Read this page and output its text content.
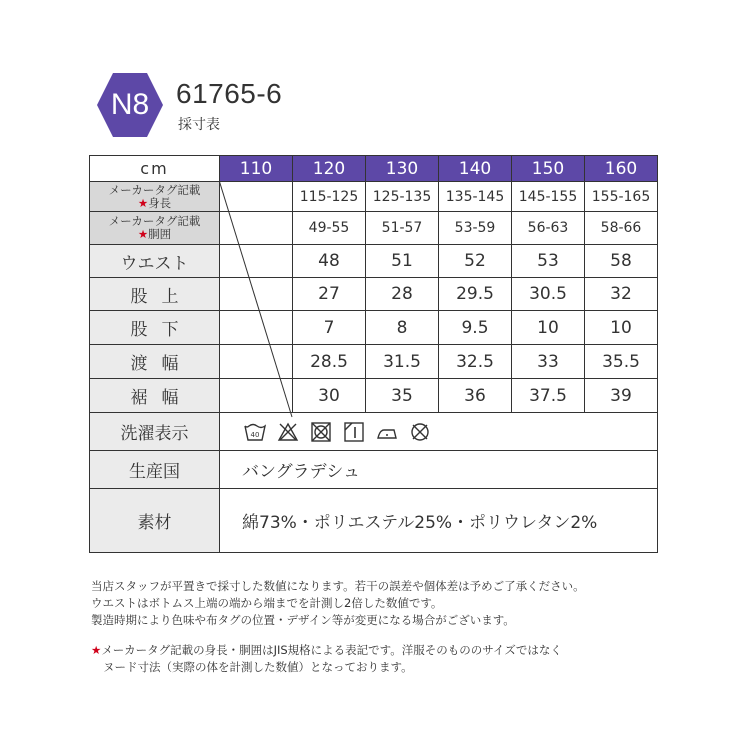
N8 61765-6
採寸表
cm	110	120	130	140	150	160
メーカータグ記載
★身長		115-125	125-135	135-145	145-155	155-165
メーカータグ記載
★胴囲		49-55	51-57	53-59	56-63	58-66
ウエスト		48	51	52	53	58
股上		27	28	29.5	30.5	32
股下		7	8	9.5	10	10
渡幅		28.5	31.5	32.5	33	35.5
裾幅		30	35	36	37.5	39
洗濯表示	40					

生産国	バングラデシュ					
素材	綿73%・ポリエステル25%・ポリウレタン2%					
当店スタッフが平置きで採寸した数値になります。若干の誤差や個体差は予めご了承ください。
ウエストはボトムス上端の端から端までを計測し2倍した数値です。
製造時期により色味や布タグの位置・デザイン等が変更になる場合がございます。
★メーカータグ記載の身長・胴囲はJIS規格による表記です。洋服そのもののサイズではなく
ヌード寸法（実際の体を計測した数値）となっております。
